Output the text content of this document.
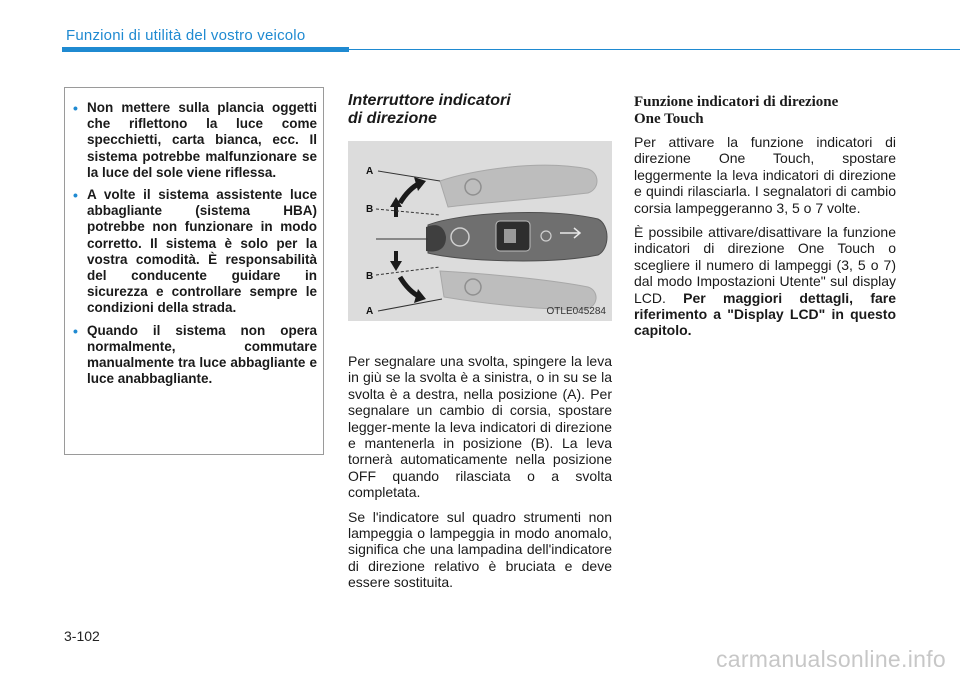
Funzioni di utilità del vostro veicolo
• Non mettere sulla plancia oggetti che riflettono la luce come specchietti, carta bianca, ecc. Il sistema potrebbe malfunzionare se la luce del sole viene riflessa.
• A volte il sistema assistente luce abbagliante (sistema HBA) potrebbe non funzionare in modo corretto. Il sistema è solo per la vostra comodità. È responsabilità del conducente guidare in sicurezza e controllare sempre le condizioni della strada.
• Quando il sistema non opera normalmente, commutare manualmente tra luce abbagliante e luce anabbagliante.

Interruttore indicatori
di direzione

A
B
B
A	OTLE045284

Per segnalare una svolta, spingere la leva in giù se la svolta è a sinistra, o in su se la svolta è a destra, nella posizione (A). Per segnalare un cambio di corsia, spostare legger-mente la leva indicatori di direzione e mantenerla in posizione (B). La leva tornerà automaticamente nella posizione OFF quando rilasciata o a svolta completata.

Se l'indicatore sul quadro strumenti non lampeggia o lampeggia in modo anomalo, significa che una lampadina dell'indicatore di direzione relativo è bruciata e deve essere sostituita.

Funzione indicatori di direzione
One Touch

Per attivare la funzione indicatori di direzione One Touch, spostare leggermente la leva indicatori di direzione e quindi rilasciarla. I segnalatori di cambio corsia lampeggeranno 3, 5 o 7 volte.

È possibile attivare/disattivare la funzione indicatori di direzione One Touch o scegliere il numero di lampeggi (3, 5 o 7) dal modo Impostazioni Utente" sul display LCD. Per maggiori dettagli, fare riferimento a "Display LCD" in questo capitolo.

3-102
carmanualsonline.info
